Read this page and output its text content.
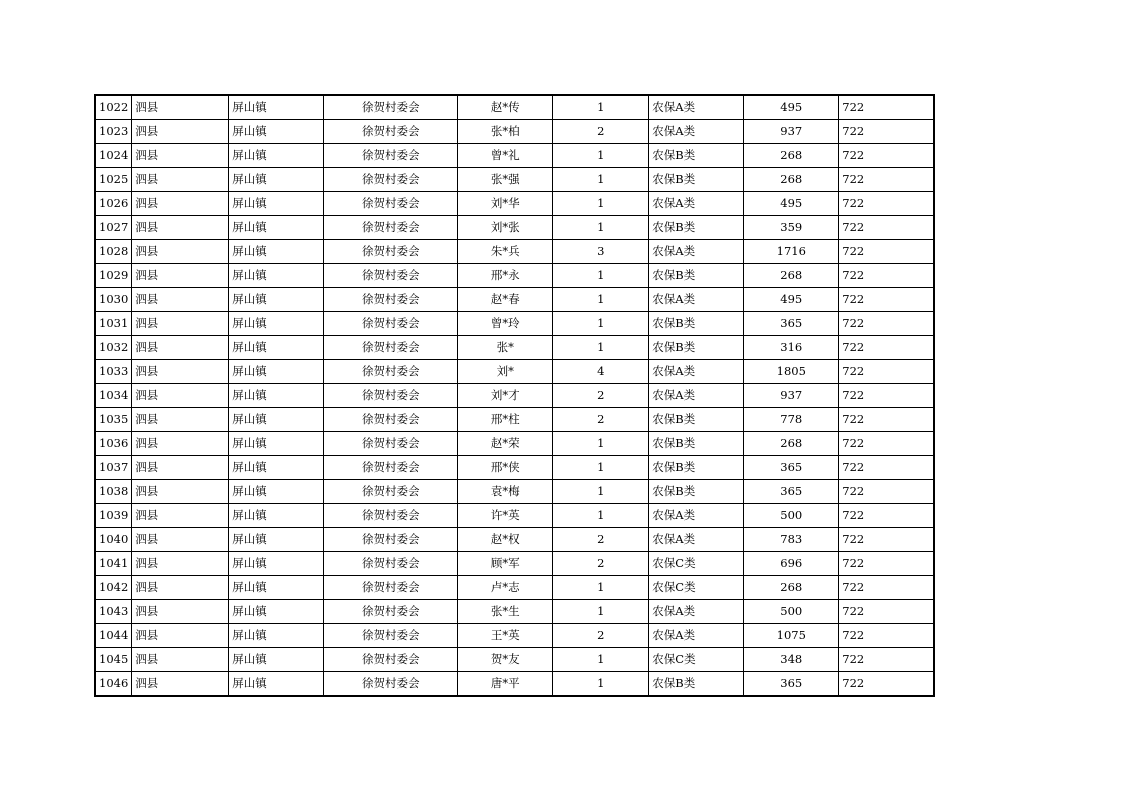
1022	泗县	屏山镇	徐贺村委会	赵*传	1	农保A类	495	722
1023	泗县	屏山镇	徐贺村委会	张*柏	2	农保A类	937	722
1024	泗县	屏山镇	徐贺村委会	曾*礼	1	农保B类	268	722
1025	泗县	屏山镇	徐贺村委会	张*强	1	农保B类	268	722
1026	泗县	屏山镇	徐贺村委会	刘*华	1	农保A类	495	722
1027	泗县	屏山镇	徐贺村委会	刘*张	1	农保B类	359	722
1028	泗县	屏山镇	徐贺村委会	朱*兵	3	农保A类	1716	722
1029	泗县	屏山镇	徐贺村委会	邢*永	1	农保B类	268	722
1030	泗县	屏山镇	徐贺村委会	赵*春	1	农保A类	495	722
1031	泗县	屏山镇	徐贺村委会	曾*玲	1	农保B类	365	722
1032	泗县	屏山镇	徐贺村委会	张*	1	农保B类	316	722
1033	泗县	屏山镇	徐贺村委会	刘*	4	农保A类	1805	722
1034	泗县	屏山镇	徐贺村委会	刘*才	2	农保A类	937	722
1035	泗县	屏山镇	徐贺村委会	邢*柱	2	农保B类	778	722
1036	泗县	屏山镇	徐贺村委会	赵*荣	1	农保B类	268	722
1037	泗县	屏山镇	徐贺村委会	邢*侠	1	农保B类	365	722
1038	泗县	屏山镇	徐贺村委会	袁*梅	1	农保B类	365	722
1039	泗县	屏山镇	徐贺村委会	许*英	1	农保A类	500	722
1040	泗县	屏山镇	徐贺村委会	赵*权	2	农保A类	783	722
1041	泗县	屏山镇	徐贺村委会	顾*军	2	农保C类	696	722
1042	泗县	屏山镇	徐贺村委会	卢*志	1	农保C类	268	722
1043	泗县	屏山镇	徐贺村委会	张*生	1	农保A类	500	722
1044	泗县	屏山镇	徐贺村委会	王*英	2	农保A类	1075	722
1045	泗县	屏山镇	徐贺村委会	贺*友	1	农保C类	348	722
1046	泗县	屏山镇	徐贺村委会	唐*平	1	农保B类	365	722
